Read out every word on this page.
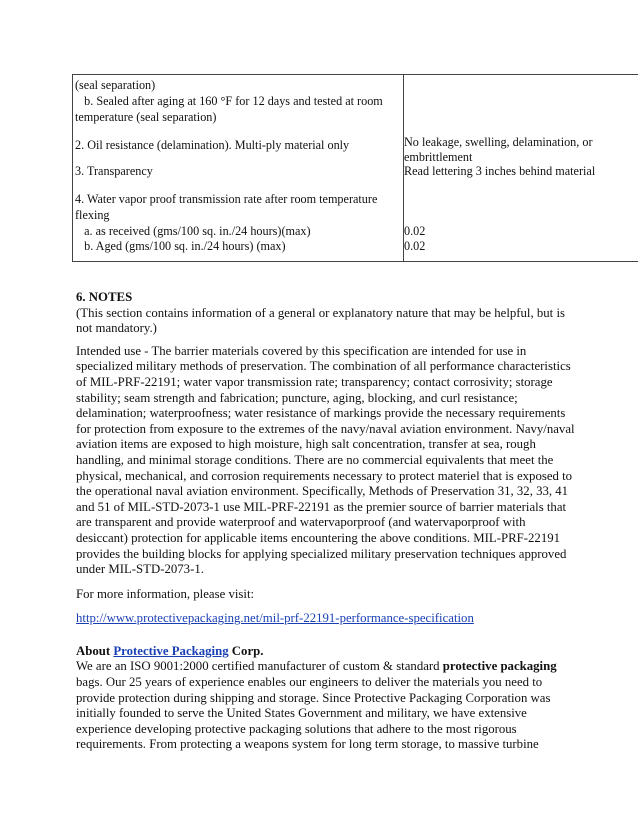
(seal separation)
b. Sealed after aging at 160 °F for 12 days and tested at room
temperature (seal separation)
2. Oil resistance (delamination). Multi-ply material only
3. Transparency
4. Water vapor proof transmission rate after room temperature
flexing
a. as received (gms/100 sq. in./24 hours)(max)
b. Aged (gms/100 sq. in./24 hours) (max)
No leakage, swelling, delamination, or
embrittlement
Read lettering 3 inches behind material
0.02
0.02

6. NOTES

(This section contains information of a general or explanatory nature that may be helpful, but is not mandatory.)

Intended use - The barrier materials covered by this specification are intended for use in specialized military methods of preservation. The combination of all performance characteristics of MIL-PRF-22191; water vapor transmission rate; transparency; contact corrosivity; storage stability; seam strength and fabrication; puncture, aging, blocking, and curl resistance; delamination; waterproofness; water resistance of markings provide the necessary requirements for protection from exposure to the extremes of the navy/naval aviation environment. Navy/naval aviation items are exposed to high moisture, high salt concentration, transfer at sea, rough handling, and minimal storage conditions. There are no commercial equivalents that meet the physical, mechanical, and corrosion requirements necessary to protect materiel that is exposed to the operational naval aviation environment. Specifically, Methods of Preservation 31, 32, 33, 41 and 51 of MIL-STD-2073-1 use MIL-PRF-22191 as the premier source of barrier materials that are transparent and provide waterproof and watervaporproof (and watervaporproof with desiccant) protection for applicable items encountering the above conditions. MIL-PRF-22191 provides the building blocks for applying specialized military preservation techniques approved under MIL-STD-2073-1.

For more information, please visit:

http://www.protectivepackaging.net/mil-prf-22191-performance-specification

About Protective Packaging Corp.

We are an ISO 9001:2000 certified manufacturer of custom & standard protective packaging bags. Our 25 years of experience enables our engineers to deliver the materials you need to provide protection during shipping and storage. Since Protective Packaging Corporation was initially founded to serve the United States Government and military, we have extensive experience developing protective packaging solutions that adhere to the most rigorous requirements. From protecting a weapons system for long term storage, to massive turbine
